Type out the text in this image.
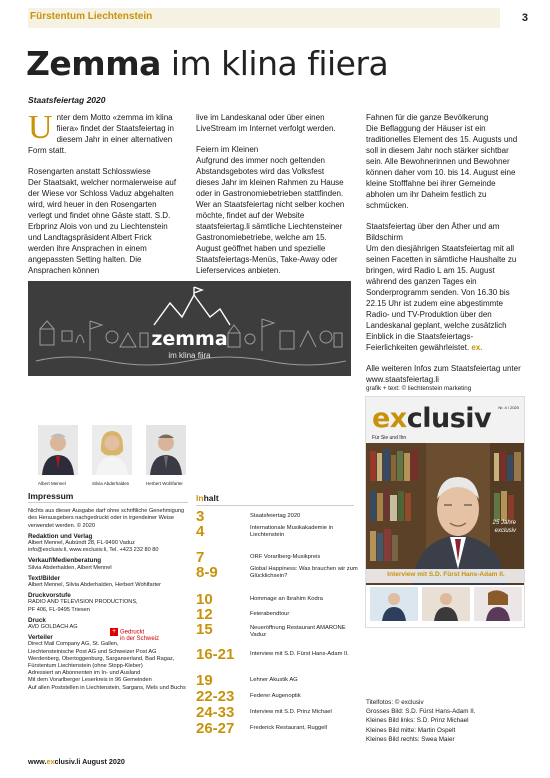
Fürstentum Liechtenstein	3
Zemma im klina fiiera
Staatsfeiertag 2020

Unter dem Motto «zemma im klina fiiera» findet der Staatsfeiertag in diesem Jahr in einer alternativen Form statt.

Rosengarten anstatt Schlosswiese

Der Staatsakt, welcher normalerweise auf der Wiese vor Schloss Vaduz abgehalten wird, wird heuer in den Rosengarten verlegt und findet ohne Gäste statt. S.D. Erbprinz Alois von und zu Liechtenstein und Landtagspräsident Albert Frick werden ihre Ansprachen in einem angepassten Setting halten. Die Ansprachen können

live im Landeskanal oder über einen LiveStream im Internet verfolgt werden.

Feiern im Kleinen

Aufgrund des immer noch geltenden Abstandsgebotes wird das Volksfest dieses Jahr im kleinen Rahmen zu Hause oder in Gastronomiebetrieben stattfinden. Wer an Staatsfeiertag nicht selber kochen möchte, findet auf der Website staatsfeiertag.li sämtliche Liechtensteiner Gastronomiebetriebe, welche am 15. August geöffnet haben und spezielle Staatsfeiertags-Menüs, Take-Away oder Lieferservices anbieten.

Fahnen für die ganze Bevölkerung

Die Beflaggung der Häuser ist ein traditionelles Element des 15. Augusts und soll in diesem Jahr noch stärker sichtbar sein. Alle Bewohnerinnen und Bewohner können daher vom 10. bis 14. August eine kleine Stofffahne bei ihrer Gemeinde abholen um ihr Daheim festlich zu schmücken.

Staatsfeiertag über den Äther und am Bildschirm

Um den diesjährigen Staatsfeiertag mit all seinen Facetten in sämtliche Haushalte zu bringen, wird Radio L am 15. August während des ganzen Tages ein Sonderprogramm senden. Von 16.30 bis 22.15 Uhr ist zudem eine abgestimmte Radio- und TV-Produktion über den Landeskanal geplant, welche zusätzlich Einblick in die Staatsfeiertags-Feierlichkeiten gewährleistet. ex.

Alle weiteren Infos zum Staatsfeiertag unter www.staatsfeiertag.li

zemma
im klina fiira
grafik + text: © liechtenstein marketing
Albert Mennel	Silvia Abderhalden	Herbert Wohlfarter
exclusiv Nr. 4 / 2020
Für Sie und Ihn
25 Jahre
exclusiv
Interview mit S.D. Fürst Hans-Adam II.
Titelfotos: © exclusiv
Grosses Bild: S.D. Fürst Hans-Adam II.
Kleines Bild links: S.D. Prinz Michael
Kleines Bild mitte: Martin Ospelt
Kleines Bild rechts: Swea Maier
Impressum
Nichts aus dieser Ausgabe darf ohne schriftliche Genehmigung des Herausgebers nachgedruckt oder in irgendeiner Weise verwendet werden. © 2020
Redaktion und Verlag
Albert Mennel, Aubündt 28, FL-9490 Vaduz
info@exclusiv.li, www.exclusiv.li, Tel. +423 232 80 80
Verkauf/Medienberatung
Silvia Abderhalden, Albert Mennel
Text/Bilder
Albert Mennel, Silvia Abderhalden, Herbert Wohlfarter
Druckvorstufe
RADIO AND TELEVISION PRODUCTIONS,
PF 406, FL-9495 Triesen
Druck
AVD GOLDACH AG
Verteiler
Direct Mail Company AG, St. Gallen,
Liechtensteinische Post AG und Schweizer Post AG
Werdenberg, Obertoggenburg, Sarganserland, Bad Ragaz, Fürstentum Liechtenstein (ohne Stopp-Kleber)
Adressiert an Abonnenten im In- und Ausland
Mit dem Vorarlberger Leserkreis in 96 Gemeinden
Auf allen Poststellen in Liechtenstein, Sargans, Mels und Buchs
+ Gedruckt
in der Schweiz
Inhalt
3	Staatsfeiertag 2020
4	Internationale Musikakademie in Liechtenstein
7	ORF Vorarlberg-Musikpreis
8-9	Global Happiness: Was brauchen wir zum Glücklichsein?
10	Hommage an Ibrahim Kodra
12	Feierabendtour
15	Neueröffnung Restaurant AMARONE Vaduz
16-21	Interview mit S.D. Fürst Hans-Adam II.
19	Lehner Akustik AG
22-23	Federer Augenoptik
24-33	Interview mit S.D. Prinz Michael
26-27	Frederick Restaurant, Ruggell
www.exclusiv.li August 2020
